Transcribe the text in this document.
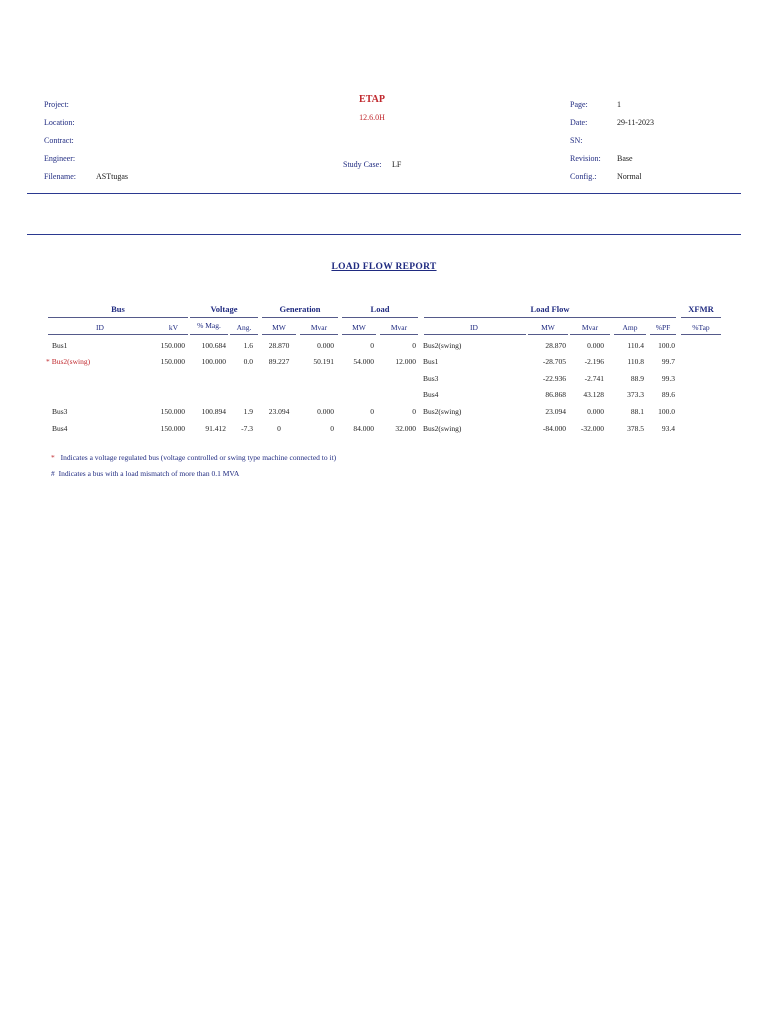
Project:
Location:
Contract:
Engineer:
Filename:	ASTtugas
ETAP
12.6.0H
Study Case: LF
Page:
Date:
SN:
Revision:
Config.:
1
29-11-2023
Base
Normal
LOAD FLOW REPORT
Bus	Voltage	Generation	Load	Load Flow	XFMR
ID	kV	% Mag.	Ang.	MW	Mvar	MW	Mvar	ID	MW	Mvar	Amp	%PF	%Tap
Bus1	150.000	100.684	1.6	28.870	0.000	0	0 Bus2(swing)	28.870	0.000	110.4	100.0
* Bus2(swing)	150.000	100.000	0.0	89.227	50.191	54.000	12.000 Bus1	-28.705	-2.196	110.8	99.7
Bus3	-22.936	-2.741	88.9	99.3
Bus4	86.868	43.128	373.3	89.6
Bus3	150.000	100.894	1.9	23.094	0.000	0	0 Bus2(swing)	23.094	0.000	88.1	100.0
Bus4	150.000	91.412	-7.3	0	0	84.000	32.000 Bus2(swing)	-84.000	-32.000	378.5	93.4
* Indicates a voltage regulated bus (voltage controlled or swing type machine connected to it)
# Indicates a bus with a load mismatch of more than 0.1 MVA
